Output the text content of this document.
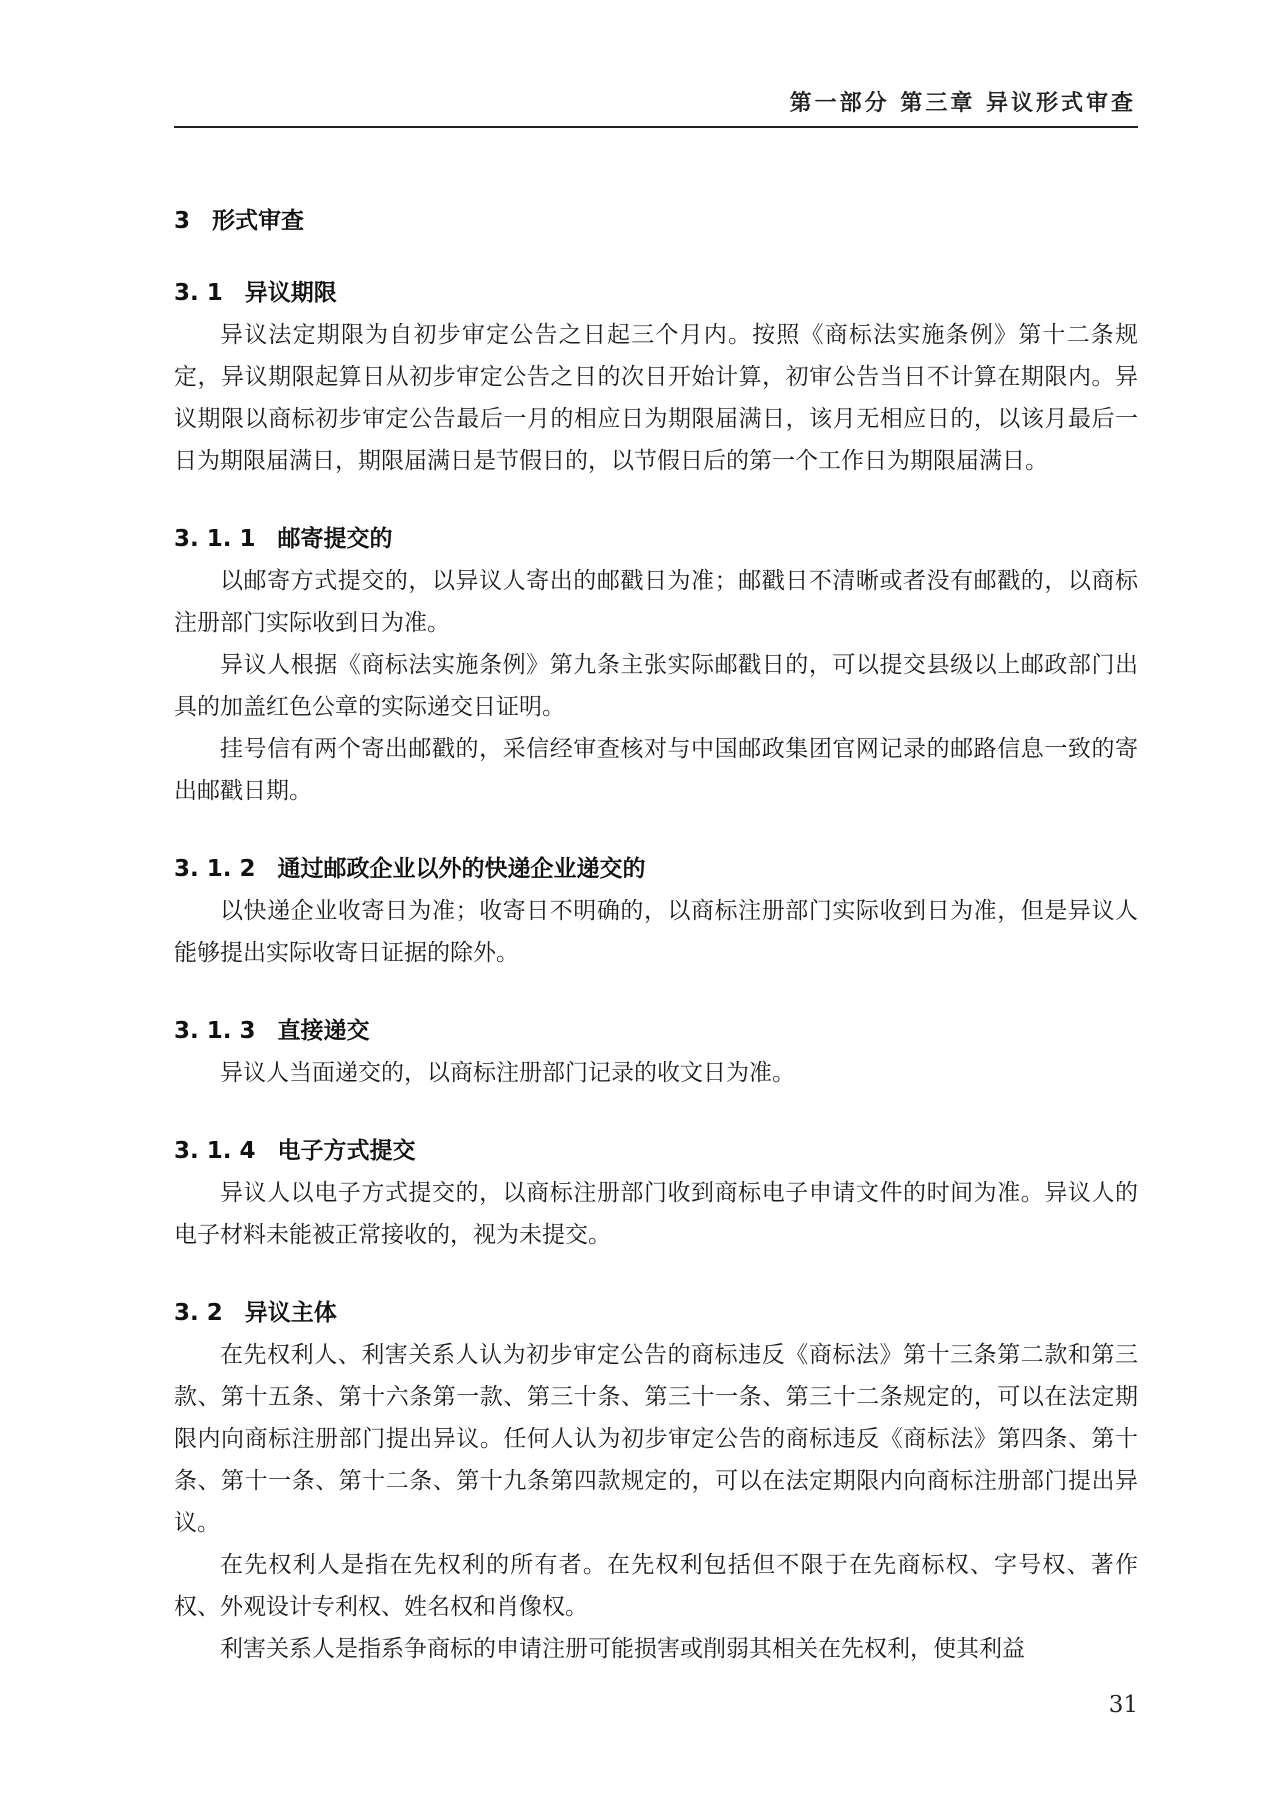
第一部分 第三章 异议形式审查
3 形式审查
3. 1 异议期限

异议法定期限为自初步审定公告之日起三个月内。按照《商标法实施条例》第十二条规定，异议期限起算日从初步审定公告之日的次日开始计算，初审公告当日不计算在期限内。异议期限以商标初步审定公告最后一月的相应日为期限届满日，该月无相应日的，以该月最后一日为期限届满日，期限届满日是节假日的，以节假日后的第一个工作日为期限届满日。

3. 1. 1 邮寄提交的

以邮寄方式提交的，以异议人寄出的邮戳日为准；邮戳日不清晰或者没有邮戳的，以商标注册部门实际收到日为准。

异议人根据《商标法实施条例》第九条主张实际邮戳日的，可以提交县级以上邮政部门出具的加盖红色公章的实际递交日证明。

挂号信有两个寄出邮戳的，采信经审查核对与中国邮政集团官网记录的邮路信息一致的寄出邮戳日期。

3. 1. 2 通过邮政企业以外的快递企业递交的

以快递企业收寄日为准；收寄日不明确的，以商标注册部门实际收到日为准，但是异议人能够提出实际收寄日证据的除外。

3. 1. 3 直接递交

异议人当面递交的，以商标注册部门记录的收文日为准。

3. 1. 4 电子方式提交

异议人以电子方式提交的，以商标注册部门收到商标电子申请文件的时间为准。异议人的电子材料未能被正常接收的，视为未提交。

3. 2 异议主体

在先权利人、利害关系人认为初步审定公告的商标违反《商标法》第十三条第二款和第三款、第十五条、第十六条第一款、第三十条、第三十一条、第三十二条规定的，可以在法定期限内向商标注册部门提出异议。任何人认为初步审定公告的商标违反《商标法》第四条、第十条、第十一条、第十二条、第十九条第四款规定的，可以在法定期限内向商标注册部门提出异议。

在先权利人是指在先权利的所有者。在先权利包括但不限于在先商标权、字号权、著作权、外观设计专利权、姓名权和肖像权。

利害关系人是指系争商标的申请注册可能损害或削弱其相关在先权利，使其利益

31
